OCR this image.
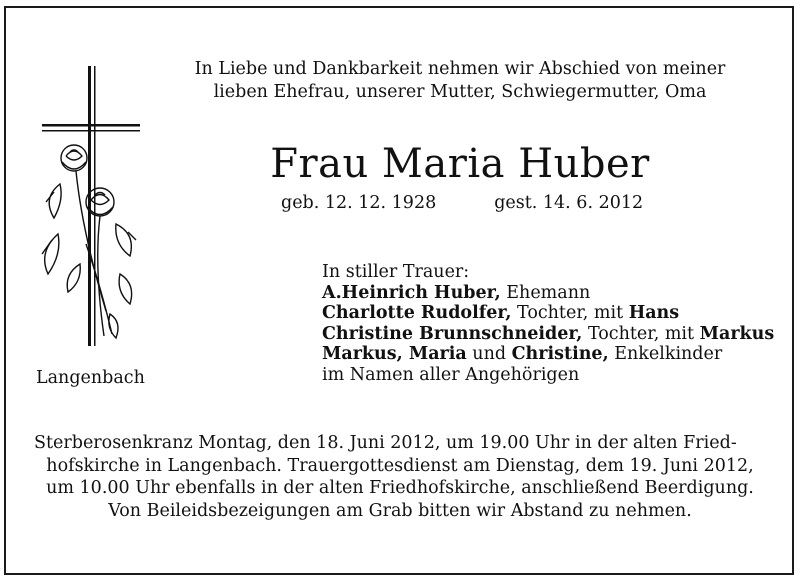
In Liebe und Dankbarkeit nehmen wir Abschied von meiner
lieben Ehefrau, unserer Mutter, Schwiegermutter, Oma
Frau Maria Huber
geb. 12. 12. 1928	gest. 14. 6. 2012
In stiller Trauer:
A.Heinrich Huber, Ehemann
Charlotte Rudolfer, Tochter, mit Hans
Christine Brunnschneider, Tochter, mit Markus
Markus, Maria und Christine, Enkelkinder
im Namen aller Angehörigen
Langenbach
Sterberosenkranz Montag, den 18. Juni 2012, um 19.00 Uhr in der alten Fried-
hofskirche in Langenbach. Trauergottesdienst am Dienstag, dem 19. Juni 2012,
um 10.00 Uhr ebenfalls in der alten Friedhofskirche, anschließend Beerdigung.
Von Beileidsbezeigungen am Grab bitten wir Abstand zu nehmen.
